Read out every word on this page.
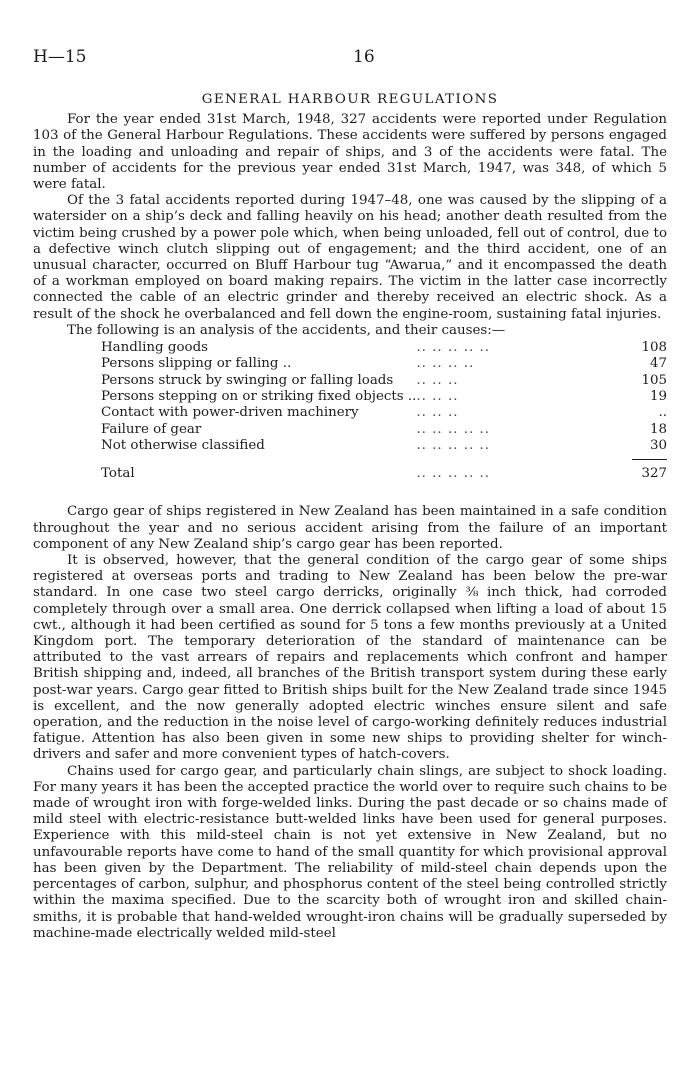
H—15	16
GENERAL HARBOUR REGULATIONS

For the year ended 31st March, 1948, 327 accidents were reported under Regulation 103 of the General Harbour Regulations. These accidents were suffered by persons engaged in the loading and unloading and repair of ships, and 3 of the accidents were fatal. The number of accidents for the previous year ended 31st March, 1947, was 348, of which 5 were fatal.

Of the 3 fatal accidents reported during 1947–48, one was caused by the slipping of a watersider on a ship’s deck and falling heavily on his head; another death resulted from the victim being crushed by a power pole which, when being unloaded, fell out of control, due to a defective winch clutch slipping out of engagement; and the third accident, one of an unusual character, occurred on Bluff Harbour tug “Awarua,” and it encompassed the death of a workman employed on board making repairs. The victim in the latter case incorrectly connected the cable of an electric grinder and thereby received an electric shock. As a result of the shock he overbalanced and fell down the engine-room, sustaining fatal injuries.

The following is an analysis of the accidents, and their causes:—

Handling goods	.. .. .. .. ..	108
Persons slipping or falling ..	.. .. .. ..	47
Persons struck by swinging or falling loads	.. .. ..	105
Persons stepping on or striking fixed objects ..	.. .. ..	19
Contact with power-driven machinery	.. .. ..	..
Failure of gear	.. .. .. .. ..	18
Not otherwise classified	.. .. .. .. ..	30

Total	.. .. .. .. ..	327

Cargo gear of ships registered in New Zealand has been maintained in a safe condition throughout the year and no serious accident arising from the failure of an important component of any New Zealand ship’s cargo gear has been reported.

It is observed, however, that the general condition of the cargo gear of some ships registered at overseas ports and trading to New Zealand has been below the pre-war standard. In one case two steel cargo derricks, originally ⅜ inch thick, had corroded completely through over a small area. One derrick collapsed when lifting a load of about 15 cwt., although it had been certified as sound for 5 tons a few months previously at a United Kingdom port. The temporary deterioration of the standard of maintenance can be attributed to the vast arrears of repairs and replacements which confront and hamper British shipping and, indeed, all branches of the British transport system during these early post-war years. Cargo gear fitted to British ships built for the New Zealand trade since 1945 is excellent, and the now generally adopted electric winches ensure silent and safe operation, and the reduction in the noise level of cargo-working definitely reduces industrial fatigue. Attention has also been given in some new ships to providing shelter for winch-drivers and safer and more convenient types of hatch-covers.

Chains used for cargo gear, and particularly chain slings, are subject to shock loading. For many years it has been the accepted practice the world over to require such chains to be made of wrought iron with forge-welded links. During the past decade or so chains made of mild steel with electric-resistance butt-welded links have been used for general purposes. Experience with this mild-steel chain is not yet extensive in New Zealand, but no unfavourable reports have come to hand of the small quantity for which provisional approval has been given by the Department. The reliability of mild-steel chain depends upon the percentages of carbon, sulphur, and phosphorus content of the steel being controlled strictly within the maxima specified. Due to the scarcity both of wrought iron and skilled chain-smiths, it is probable that hand-welded wrought-iron chains will be gradually superseded by machine-made electrically welded mild-steel
